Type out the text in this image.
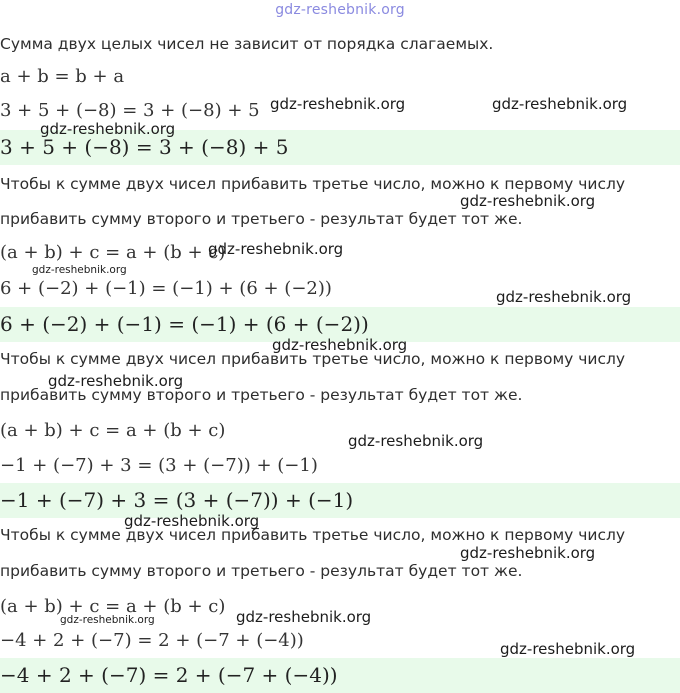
gdz-reshebnik.org
3 + 5 + (−8) = 3 + (−8) + 5
6 + (−2) + (−1) = (−1) + (6 + (−2))
−1 + (−7) + 3 = (3 + (−7)) + (−1)
−4 + 2 + (−7) = 2 + (−7 + (−4))
Сумма двух целых чисел не зависит от порядка слагаемых.
a + b = b + a
3 + 5 + (−8) = 3 + (−8) + 5
Чтобы к сумме двух чисел прибавить третье число, можно к первому числу
прибавить сумму второго и третьего - результат будет тот же.
(a + b) + c = a + (b + c)
6 + (−2) + (−1) = (−1) + (6 + (−2))
Чтобы к сумме двух чисел прибавить третье число, можно к первому числу
прибавить сумму второго и третьего - результат будет тот же.
(a + b) + c = a + (b + c)
−1 + (−7) + 3 = (3 + (−7)) + (−1)
Чтобы к сумме двух чисел прибавить третье число, можно к первому числу
прибавить сумму второго и третьего - результат будет тот же.
(a + b) + c = a + (b + c)
−4 + 2 + (−7) = 2 + (−7 + (−4))
gdz-reshebnik.org	gdz-reshebnik.org
gdz-reshebnik.org
gdz-reshebnik.org
gdz-reshebnik.org
gdz-reshebnik.org
gdz-reshebnik.org
gdz-reshebnik.org
gdz-reshebnik.org
gdz-reshebnik.org
gdz-reshebnik.org
gdz-reshebnik.org
gdz-reshebnik.org	gdz-reshebnik.org
gdz-reshebnik.org
